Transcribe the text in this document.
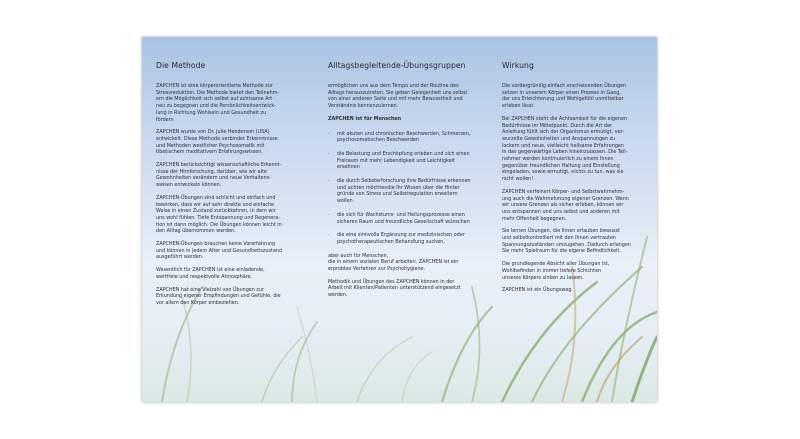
Die Methode

ZAPCHEN ist eine körperorientierte Methode zur
Stressreduktion. Die Methode bietet den Teilnehm-
ern die Möglichkeit sich selbst auf achtsame Art
neu zu begegnen und die Persönlichkeitsentwick-
lung in Richtung Wohlsein und Gesundheit zu
fördern

ZAPCHEN wurde von Dr. Julie Henderson (USA)
entwickelt. Diese Methode verbindet Erkenntnisse
und Methoden westlicher Psychosomatik mit
tibetischem meditativem Erfahrungswissen.

ZAPCHEN berücksichtigt wissenschaftliche Erkennt-
nisse der Hirnforschung, darüber, wie wir alte
Gewohnheiten verändern und neue Verhaltens-
weisen entwickeln können.

ZAPCHEN-Übungen sind schlicht und einfach und
bewirken, dass wir auf sehr direkte und einfache
Weise in einen Zustand zurückkehren, in dem wir
uns wohl fühlen. Tiefe Entspannung und Regenera-
tion ist dann möglich. Die Übungen können leicht in
den Alltag übernommen werden.

ZAPCHEN-Übungen brauchen keine Vorerfahrung
und können in jedem Alter und Gesundheitszustand
ausgeführt werden.

Wesentlich für ZAPCHEN ist eine einladende,
wertfreie und respektvolle Atmosphäre.

ZAPCHEN hat eine Vielzahl von Übungen zur
Erkundung eigener Empfindungen und Gefühle, die
vor allem den Körper einbeziehen.

Alltagsbegleitende-Übungsgruppen

ermöglichen uns aus dem Tempo und der Routine des
Alltags herauszutreten. Sie geben Gelegenheit uns selbst
von einer anderen Seite und mit mehr Bewusstheit und
Verständnis kennenzulernen.

ZAPCHEN ist für Menschen

·	mit akuten und chronischen Beschwerden, Schmerzen,
psychosomatischen Beschwerden
·	die Belastung und Erschöpfung erleben und sich einen
Freiraum mit mehr Lebendigkeit und Leichtigkeit
ersehnen
·	die durch Selbsterforschung ihre Bedürfnisse erkennen
und achten möchtendie Ihr Wissen über die Hinter
gründe von Stress und Selbstregulation erweitern
wollen
·	die sich für Wachstums- und Heilungsprozesse einen
sicheren Raum und freundliche Gesellschaft wünschen
·	die eine sinnvolle Ergänzung zur medizinischen oder
psychotherapeutischen Behandlung suchen,

aber auch für Menschen,
die in einem sozialen Beruf arbeiten. ZAPCHEN ist ein
erprobtes Verfahren zur Psychohygiene.

Methodik und Übungen des ZAPCHEN können in der
Arbeit mit Klienten/Patienten unterstützend eingesetzt
werden.

Wirkung

Die vordergründig einfach erscheinenden Übungen
setzen in unserem Körper einen Prozess in Gang,
der uns Erleichterung und Wohlgefühl unmittelbar
erleben lässt.

Bei ZAPCHEN steht die Achtsamkeit für die eigenen
Bedürfnisse im Mittelpunkt. Durch die Art der
Anleitung fühlt sich der Organismus ermutigt, ver-
wurzelte Gewohnheiten und Anspannungen zu
lockern und neue, vielleicht heilsame Erfahrungen
in das gegenwärtige Leben hineinzulassen. Die Teil-
nehmer werden kontinuierlich zu einem Ihnen
gegenüber freundlichen Haltung und Einstellung
eingeladen, sowie ermutigt, nichts zu tun, was sie
nicht wollen!

ZAPCHEN verfeinert Körper- und Selbstwahrnehm-
ung auch die Wahrnehmung eigener Grenzen. Wenn
wir unsere Grenzen als sicher erleben, können wir
uns entspannen und uns selbst und anderen mit
mehr Offenheit begegnen.

Sie lernen Übungen, die Ihnen erlauben bewusst
und selbstkontrolliert mit den Ihnen vertrauten
Spannungszuständen umzugehen. Dadurch erlangen
Sie mehr Spielraum für die eigene Befindlichkeit.

Die grundlegende Absicht aller Übungen ist,
Wohlbefinden in immer tiefere Schichten
unseres Körpers sinken zu lassen.

ZAPCHEN ist ein Übungsweg.
